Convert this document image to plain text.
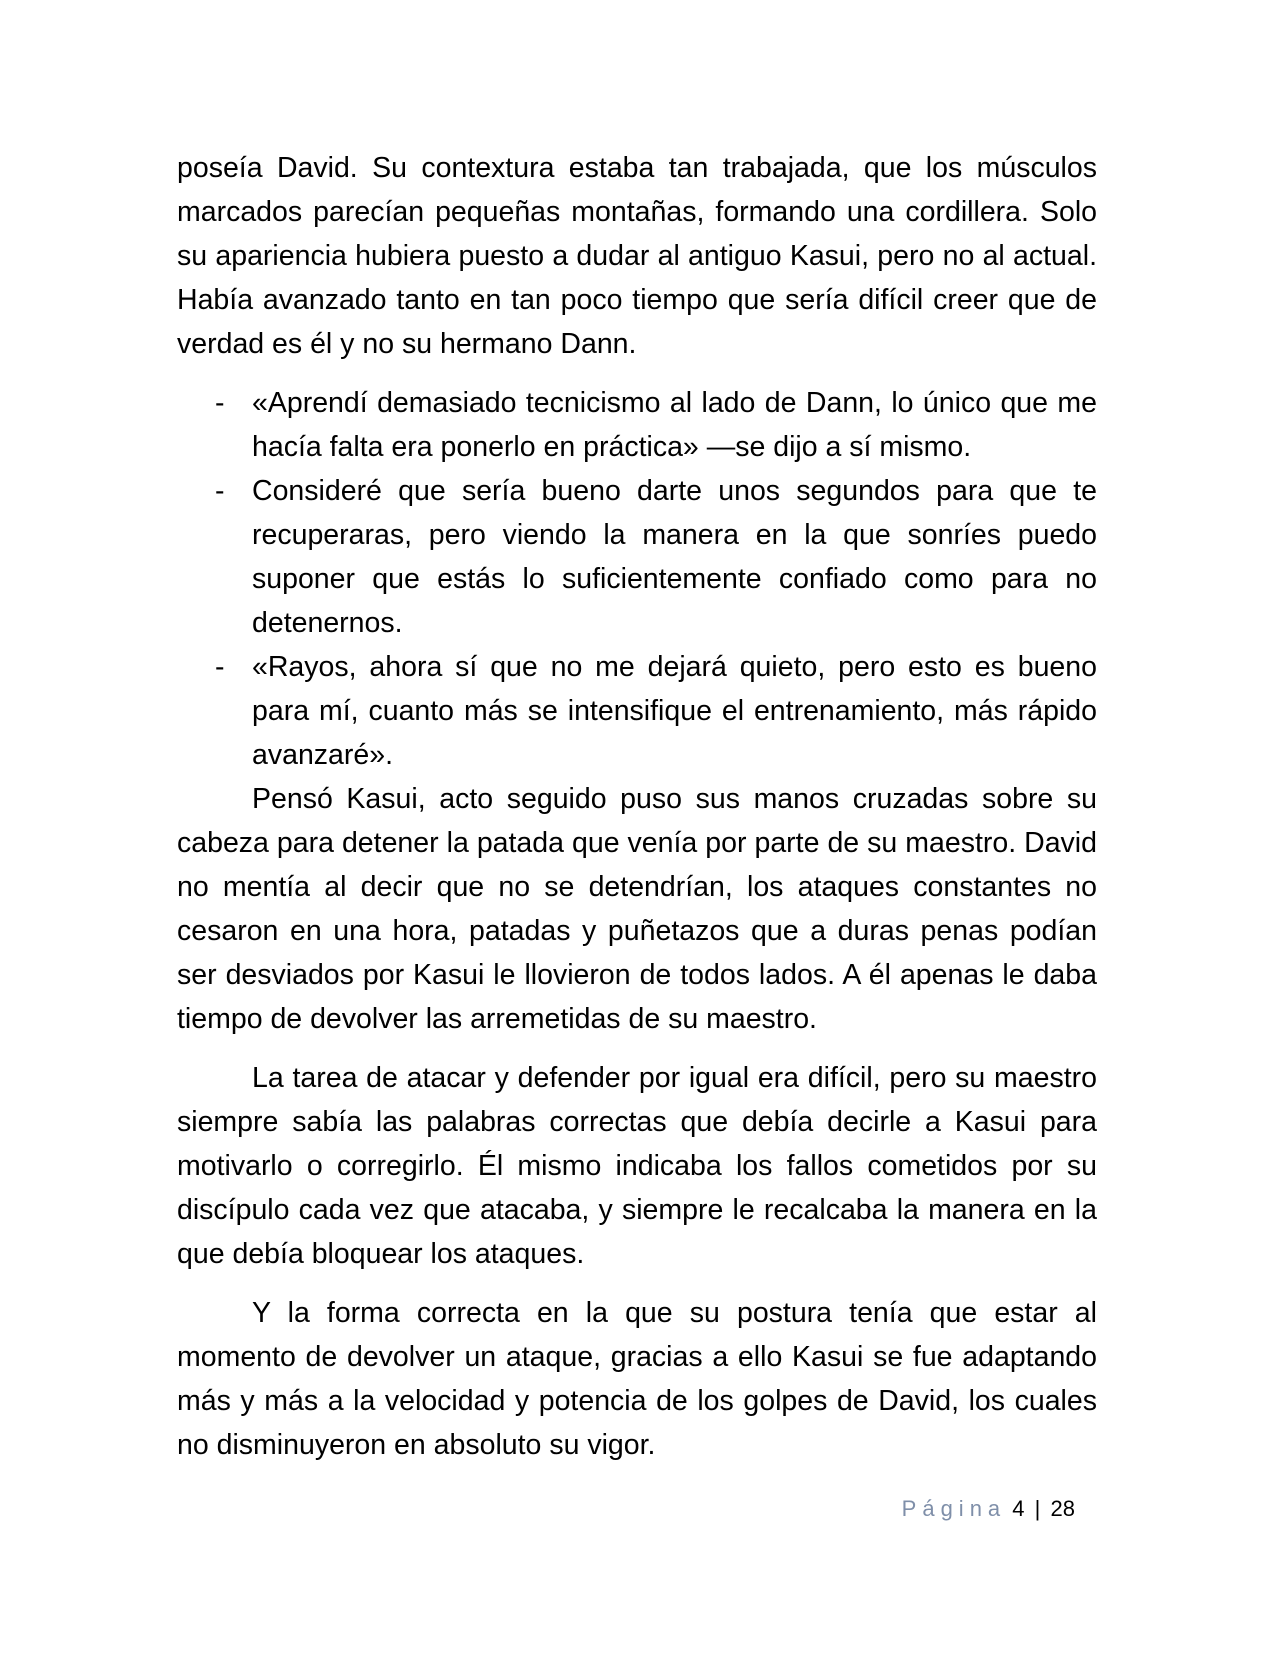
poseía David. Su contextura estaba tan trabajada, que los músculos marcados parecían pequeñas montañas, formando una cordillera. Solo su apariencia hubiera puesto a dudar al antiguo Kasui, pero no al actual. Había avanzado tanto en tan poco tiempo que sería difícil creer que de verdad es él y no su hermano Dann.

- «Aprendí demasiado tecnicismo al lado de Dann, lo único que me hacía falta era ponerlo en práctica» —se dijo a sí mismo.
- Consideré que sería bueno darte unos segundos para que te recuperaras, pero viendo la manera en la que sonríes puedo suponer que estás lo suficientemente confiado como para no detenernos.
- «Rayos, ahora sí que no me dejará quieto, pero esto es bueno para mí, cuanto más se intensifique el entrenamiento, más rápido avanzaré».

Pensó Kasui, acto seguido puso sus manos cruzadas sobre su cabeza para detener la patada que venía por parte de su maestro. David no mentía al decir que no se detendrían, los ataques constantes no cesaron en una hora, patadas y puñetazos que a duras penas podían ser desviados por Kasui le llovieron de todos lados. A él apenas le daba tiempo de devolver las arremetidas de su maestro.

La tarea de atacar y defender por igual era difícil, pero su maestro siempre sabía las palabras correctas que debía decirle a Kasui para motivarlo o corregirlo. Él mismo indicaba los fallos cometidos por su discípulo cada vez que atacaba, y siempre le recalcaba la manera en la que debía bloquear los ataques.

Y la forma correcta en la que su postura tenía que estar al momento de devolver un ataque, gracias a ello Kasui se fue adaptando más y más a la velocidad y potencia de los golpes de David, los cuales no disminuyeron en absoluto su vigor.

Página 4 | 28
